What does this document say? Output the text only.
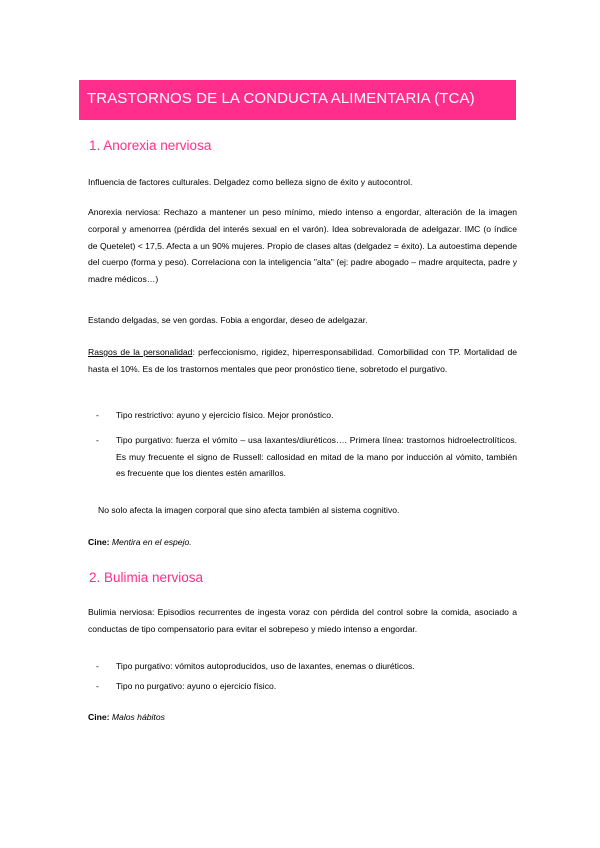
TRASTORNOS DE LA CONDUCTA ALIMENTARIA (TCA)
1. Anorexia nerviosa

Influencia de factores culturales. Delgadez como belleza signo de éxito y autocontrol.

Anorexia nerviosa: Rechazo a mantener un peso mínimo, miedo intenso a engordar, alteración de la imagen corporal y amenorrea (pérdida del interés sexual en el varón). Idea sobrevalorada de adelgazar. IMC (o índice de Quetelet) < 17,5. Afecta a un 90% mujeres. Propio de clases altas (delgadez = éxito). La autoestima depende del cuerpo (forma y peso). Correlaciona con la inteligencia "alta" (ej: padre abogado – madre arquitecta, padre y madre médicos…)

Estando delgadas, se ven gordas. Fobia a engordar, deseo de adelgazar.

Rasgos de la personalidad: perfeccionismo, rigidez, hiperresponsabilidad. Comorbilidad con TP. Mortalidad de hasta el 10%. Es de los trastornos mentales que peor pronóstico tiene, sobretodo el purgativo.

- Tipo restrictivo: ayuno y ejercicio físico. Mejor pronóstico.
- Tipo purgativo: fuerza el vómito – usa laxantes/diuréticos…. Primera línea: trastornos hidroelectrolíticos. Es muy frecuente el signo de Russell: callosidad en mitad de la mano por inducción al vómito, también es frecuente que los dientes estén amarillos.
No solo afecta la imagen corporal que sino afecta también al sistema cognitivo.
Cine: Mentira en el espejo.
2. Bulimia nerviosa

Bulimia nerviosa: Episodios recurrentes de ingesta voraz con pérdida del control sobre la comida, asociado a conductas de tipo compensatorio para evitar el sobrepeso y miedo intenso a engordar.

- Tipo purgativo: vómitos autoproducidos, uso de laxantes, enemas o diuréticos.
- Tipo no purgativo: ayuno o ejercicio físico.
Cine: Malos hábitos
